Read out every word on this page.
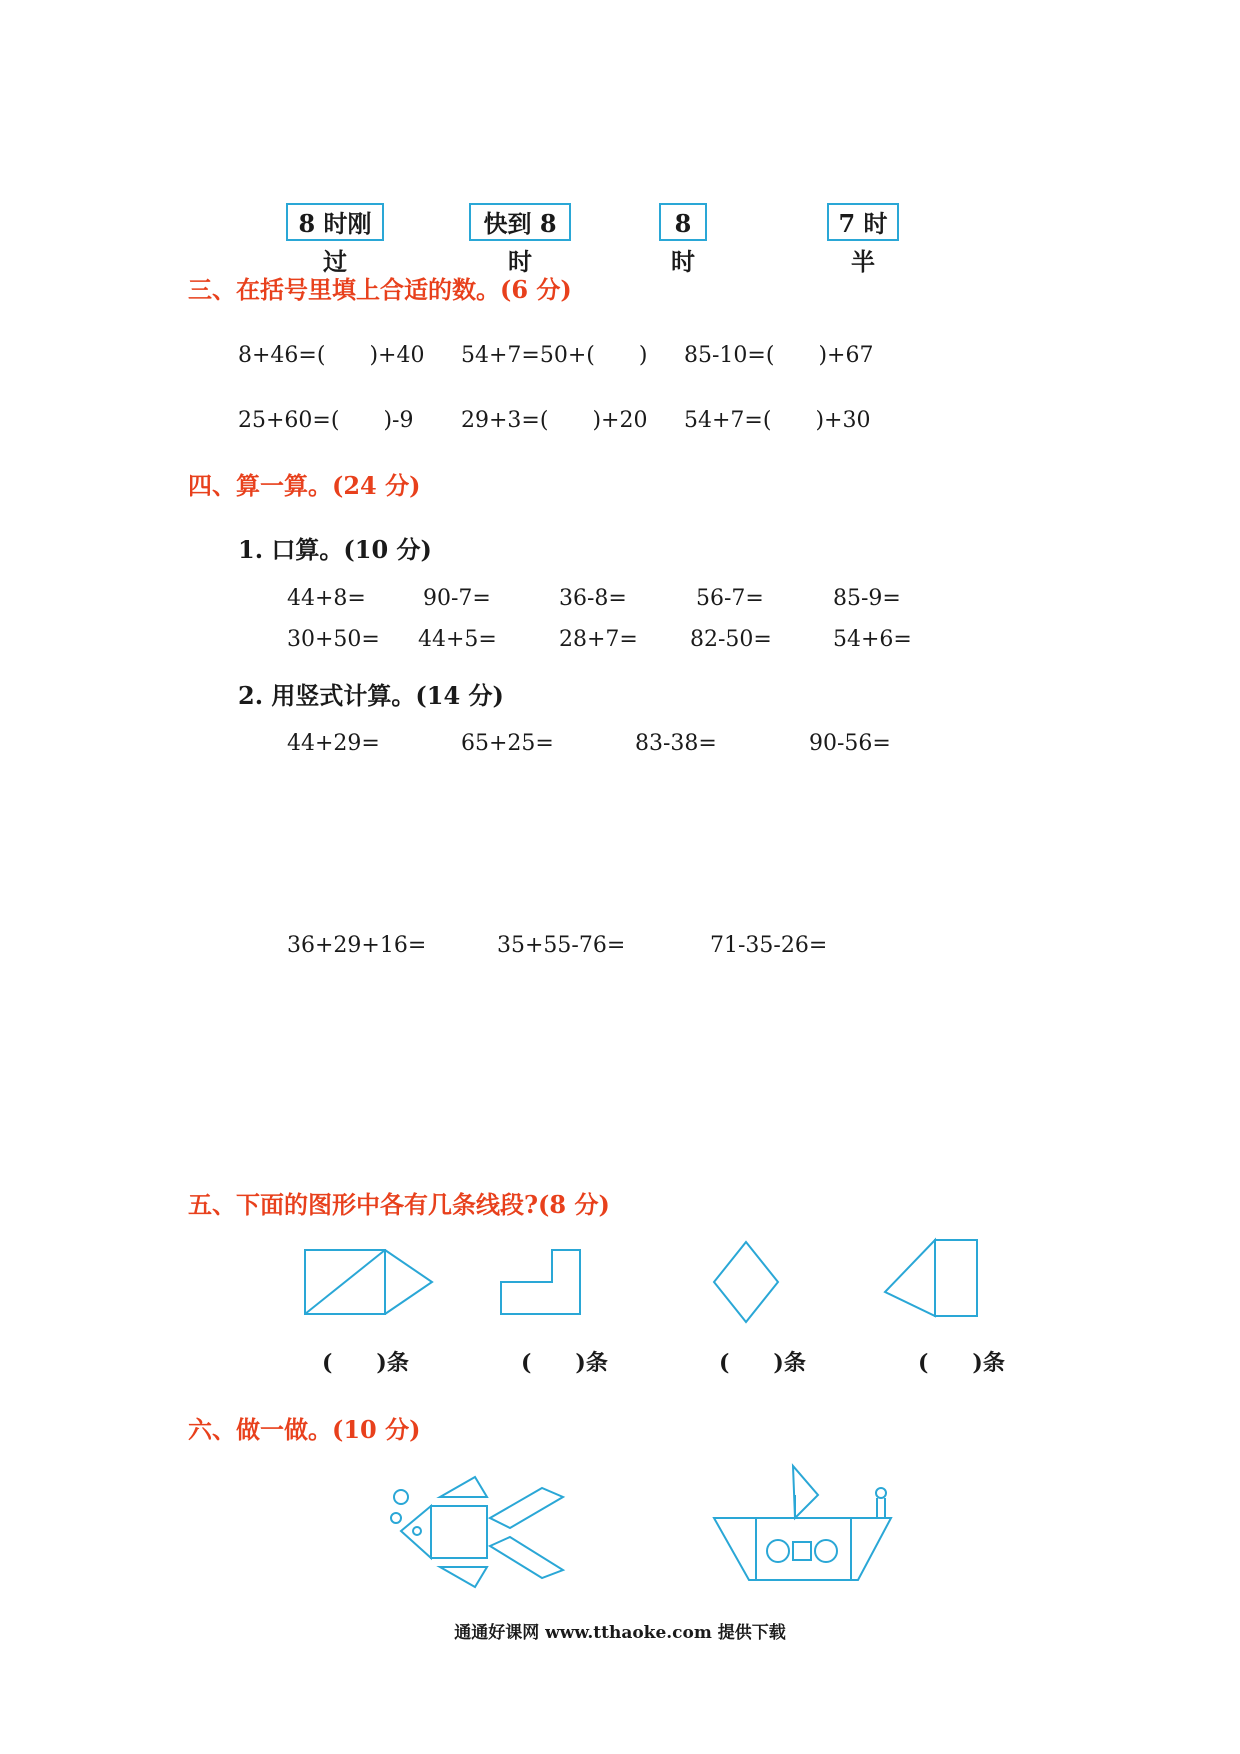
8 时刚过
快到 8 时
8 时
7 时半
三、在括号里填上合适的数。(6 分)
8+46=(　　)+40 54+7=50+(　　) 85-10=(　　)+67
25+60=(　　)-9 29+3=(　　)+20 54+7=(　　)+30
四、算一算。(24 分)
1. 口算。(10 分)
44+8=	90-7=	36-8=	56-7=	85-9=
30+50= 44+5=	28+7= 82-50=	54+6=
2. 用竖式计算。(14 分)
44+29=	65+25=	83-38=	90-56=
36+29+16=	35+55-76=	71-35-26=
五、下面的图形中各有几条线段?(8 分)
(　　)条	(　　)条	(　　)条	(　　)条
六、做一做。(10 分)
通通好课网 www.tthaoke.com 提供下载
